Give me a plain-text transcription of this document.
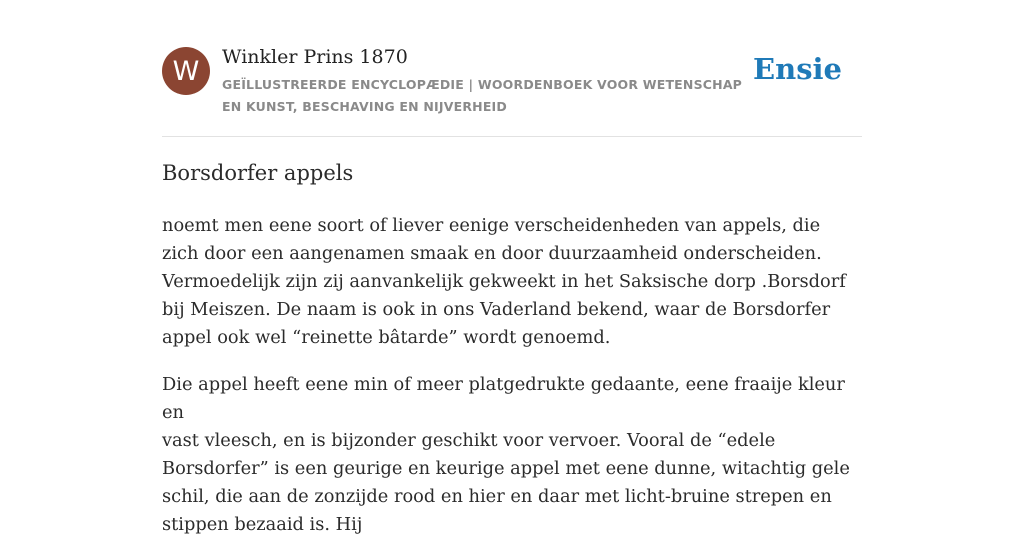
W	Winkler Prins 1870
GEÏLLUSTREERDE ENCYCLOPÆDIE | WOORDENBOEK VOOR WETENSCHAP EN KUNST, BESCHAVING EN NIJVERHEID
Ensie
Borsdorfer appels

noemt men eene soort of liever eenige verscheidenheden van appels, die zich door een aangenamen smaak en door duurzaamheid onderscheiden. Vermoedelijk zijn zij aanvankelijk gekweekt in het Saksische dorp .Borsdorf bij Meiszen. De naam is ook in ons Vaderland bekend, waar de Borsdorfer appel ook wel “reinette bâtarde” wordt genoemd.

Die appel heeft eene min of meer platgedrukte gedaante, eene fraaije kleur en

vast vleesch, en is bijzonder geschikt voor vervoer. Vooral de “edele Borsdorfer” is een geurige en keurige appel met eene dunne, witachtig gele schil, die aan de zonzijde rood en hier en daar met licht-bruine strepen en stippen bezaaid is. Hij
